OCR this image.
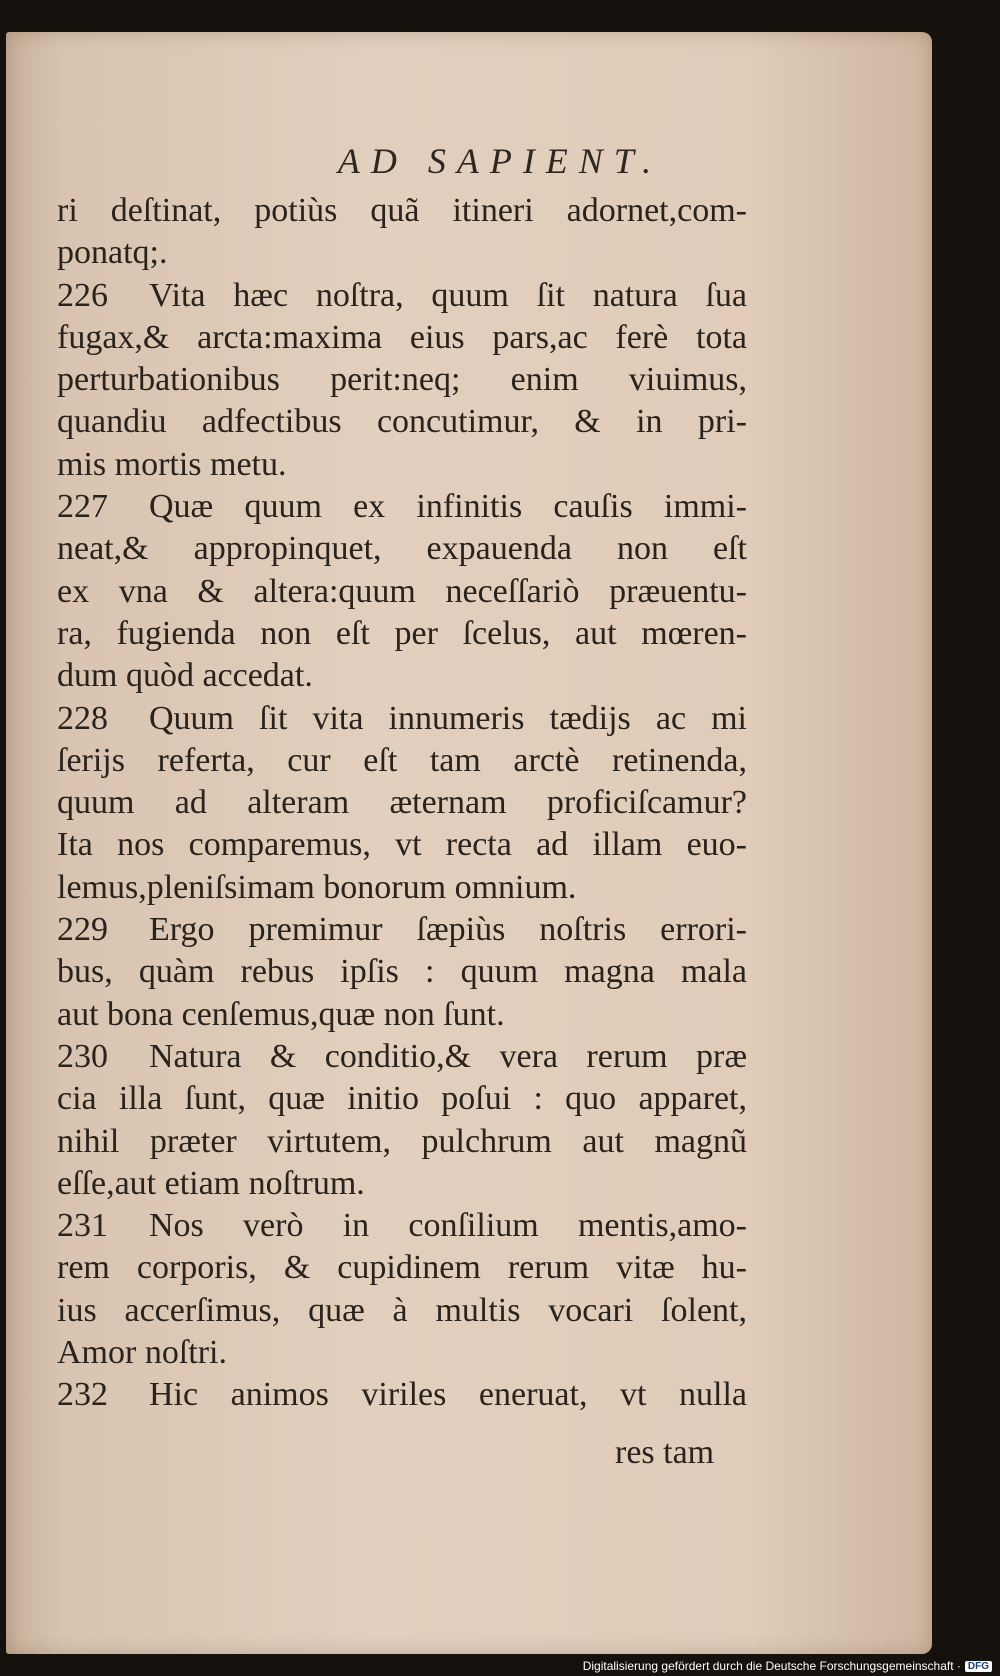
AD SAPIENT.
ri deſtinat, potiùs quã itineri adornet,com-
ponatq;.
226 Vita hæc noſtra, quum ſit natura ſua
fugax,& arcta:maxima eius pars,ac ferè tota
perturbationibus perit:neq; enim viuimus,
quandiu adfectibus concutimur, & in pri-
mis mortis metu.
227 Quæ quum ex infinitis cauſis immi-
neat,& appropinquet, expauenda non eſt
ex vna & altera:quum neceſſariò præuentu-
ra, fugienda non eſt per ſcelus, aut mœren-
dum quòd accedat.
228 Quum ſit vita innumeris tædijs ac mi
ſerijs referta, cur eſt tam arctè retinenda,
quum ad alteram æternam proficiſcamur?
Ita nos comparemus, vt recta ad illam euo-
lemus,pleniſsimam bonorum omnium.
229 Ergo premimur ſæpiùs noſtris errori-
bus, quàm rebus ipſis : quum magna mala
aut bona cenſemus,quæ non ſunt.
230 Natura & conditio,& vera rerum præ
cia illa ſunt, quæ initio poſui : quo apparet,
nihil præter virtutem, pulchrum aut magnũ
eſſe,aut etiam noſtrum.
231 Nos verò in conſilium mentis,amo-
rem corporis, & cupidinem rerum vitæ hu-
ius accerſimus, quæ à multis vocari ſolent,
Amor noſtri.
232 Hic animos viriles eneruat, vt nulla
res tam
Digitalisierung gefördert durch die Deutsche Forschungsgemeinschaft · DFG
